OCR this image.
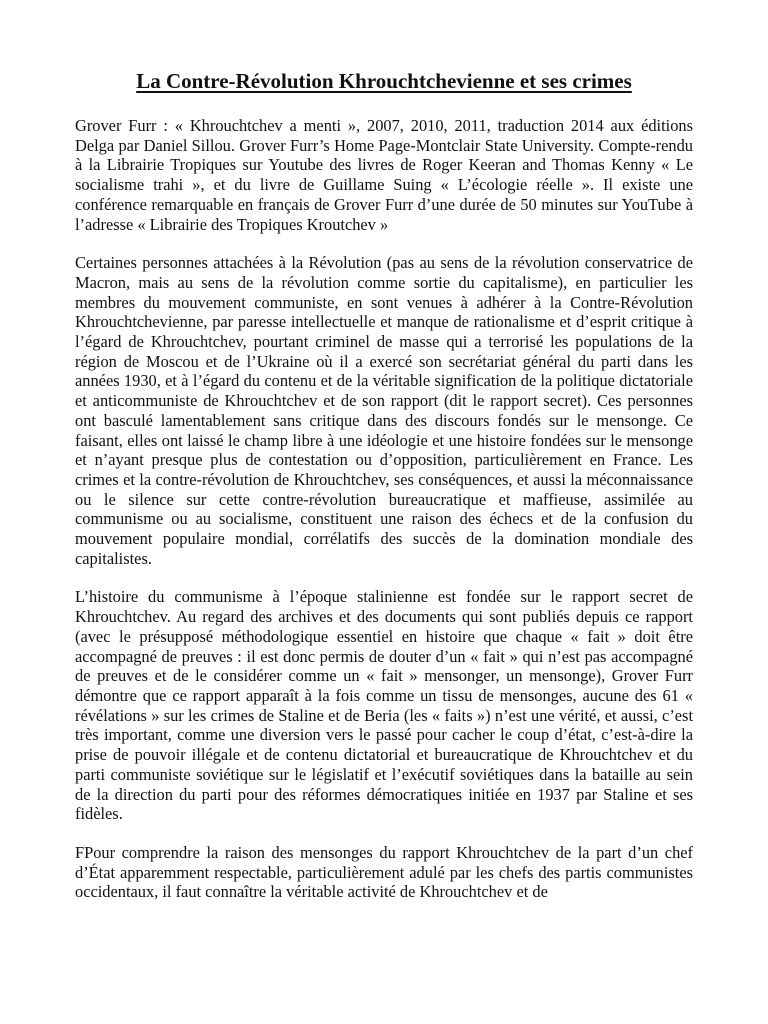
La Contre-Révolution Khrouchtchevienne et ses crimes

Grover Furr : « Khrouchtchev a menti », 2007, 2010, 2011, traduction 2014 aux éditions Delga par Daniel Sillou. Grover Furr’s Home Page-Montclair State University. Compte-rendu à la Librairie Tropiques sur Youtube des livres de Roger Keeran and Thomas Kenny « Le socialisme trahi », et du livre de Guillame Suing « L’écologie réelle ». Il existe une conférence remarquable en français de Grover Furr d’une durée de 50 minutes sur YouTube à l’adresse « Librairie des Tropiques Kroutchev »

Certaines personnes attachées à la Révolution (pas au sens de la révolution conservatrice de Macron, mais au sens de la révolution comme sortie du capitalisme), en particulier les membres du mouvement communiste, en sont venues à adhérer à la Contre-Révolution Khrouchtchevienne, par paresse intellectuelle et manque de rationalisme et d’esprit critique à l’égard de Khrouchtchev, pourtant criminel de masse qui a terrorisé les populations de la région de Moscou et de l’Ukraine où il a exercé son secrétariat général du parti dans les années 1930, et à l’égard du contenu et de la véritable signification de la politique dictatoriale et anticommuniste de Khrouchtchev et de son rapport (dit le rapport secret). Ces personnes ont basculé lamentablement sans critique dans des discours fondés sur le mensonge. Ce faisant, elles ont laissé le champ libre à une idéologie et une histoire fondées sur le mensonge et n’ayant presque plus de contestation ou d’opposition, particulièrement en France. Les crimes et la contre-révolution de Khrouchtchev, ses conséquences, et aussi la méconnaissance ou le silence sur cette contre-révolution bureaucratique et maffieuse, assimilée au communisme ou au socialisme, constituent une raison des échecs et de la confusion du mouvement populaire mondial, corrélatifs des succès de la domination mondiale des capitalistes.

L’histoire du communisme à l’époque stalinienne est fondée sur le rapport secret de Khrouchtchev. Au regard des archives et des documents qui sont publiés depuis ce rapport (avec le présupposé méthodologique essentiel en histoire que chaque « fait » doit être accompagné de preuves : il est donc permis de douter d’un « fait » qui n’est pas accompagné de preuves et de le considérer comme un « fait » mensonger, un mensonge), Grover Furr démontre que ce rapport apparaît à la fois comme un tissu de mensonges, aucune des 61 « révélations » sur les crimes de Staline et de Beria (les « faits ») n’est une vérité, et aussi, c’est très important, comme une diversion vers le passé pour cacher le coup d’état, c’est-à-dire la prise de pouvoir illégale et de contenu dictatorial et bureaucratique de Khrouchtchev et du parti communiste soviétique sur le législatif et l’exécutif soviétiques dans la bataille au sein de la direction du parti pour des réformes démocratiques initiée en 1937 par Staline et ses fidèles.

FPour comprendre la raison des mensonges du rapport Khrouchtchev de la part d’un chef d’État apparemment respectable, particulièrement adulé par les chefs des partis communistes occidentaux, il faut connaître la véritable activité de Khrouchtchev et de
